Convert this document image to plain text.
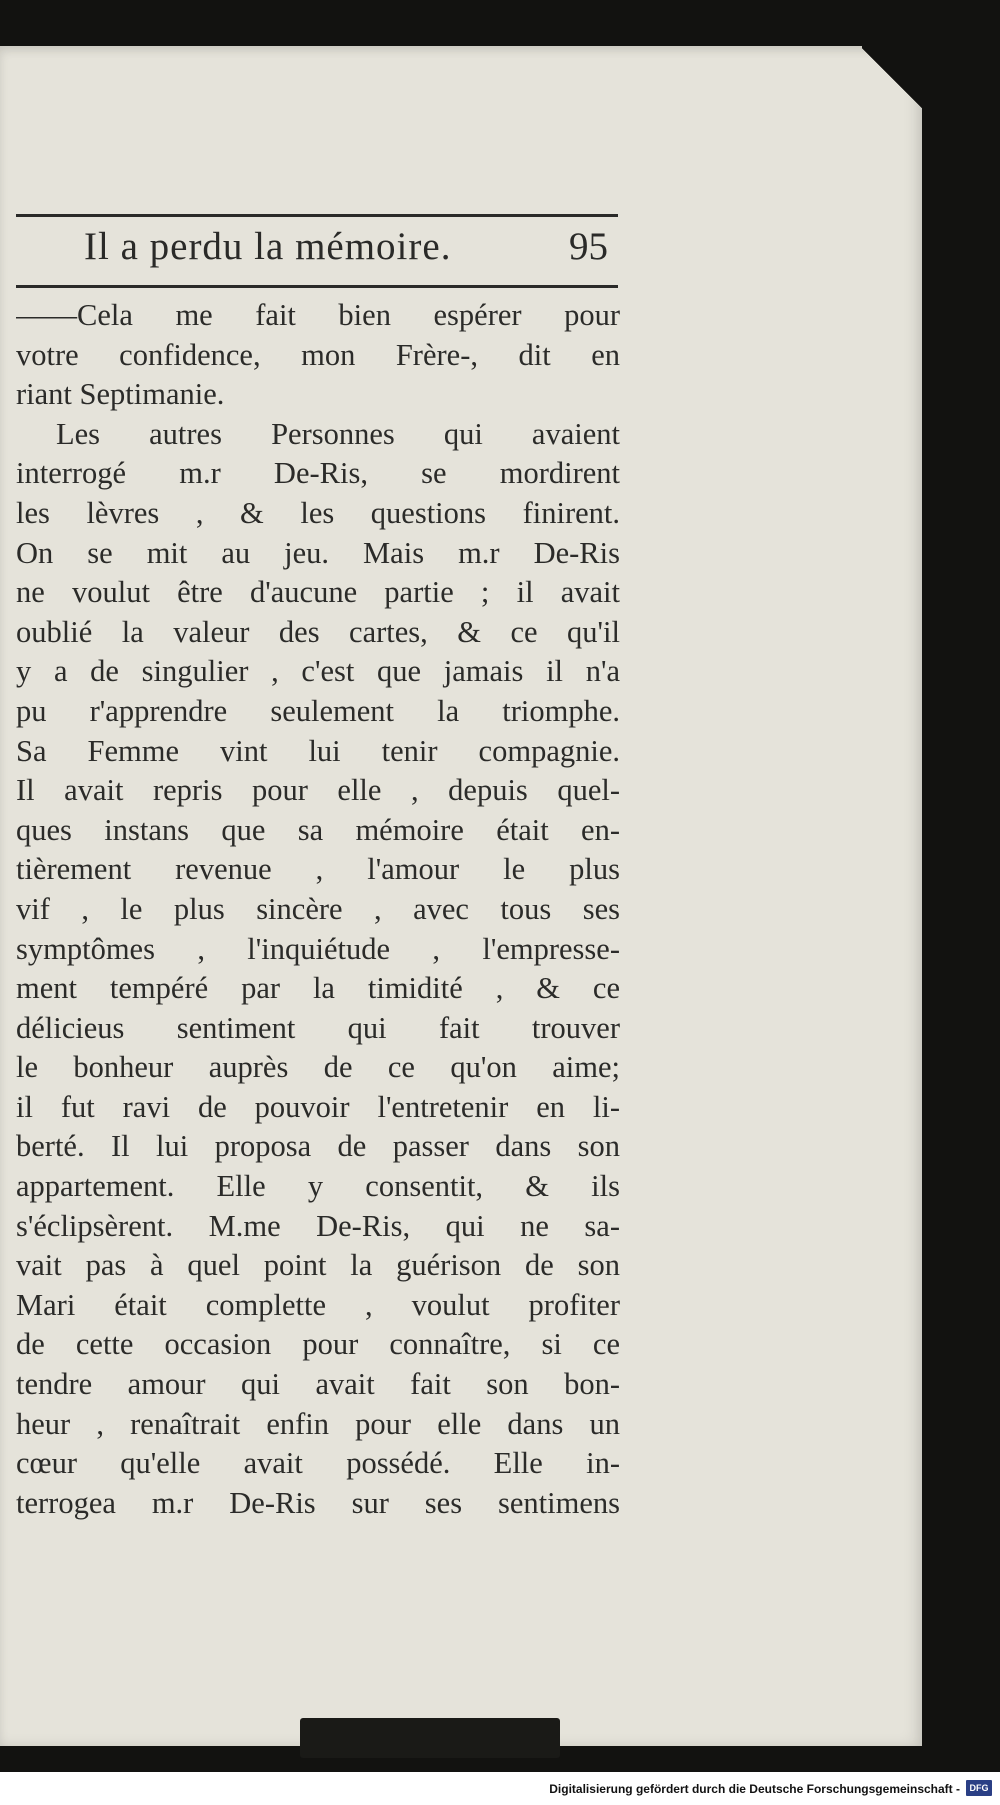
Il a perdu la mémoire.	95
——Cela me fait bien espérer pour
votre confidence, mon Frère-, dit en
riant Septimanie.
Les autres Personnes qui avaient
interrogé m.r De-Ris, se mordirent
les lèvres , & les questions finirent.
On se mit au jeu. Mais m.r De-Ris
ne voulut être d'aucune partie ; il avait
oublié la valeur des cartes, & ce qu'il
y a de singulier , c'est que jamais il n'a
pu r'apprendre seulement la triomphe.
Sa Femme vint lui tenir compagnie.
Il avait repris pour elle , depuis quel-
ques instans que sa mémoire était en-
tièrement revenue , l'amour le plus
vif , le plus sincère , avec tous ses
symptômes , l'inquiétude , l'empresse-
ment tempéré par la timidité , & ce
délicieus sentiment qui fait trouver
le bonheur auprès de ce qu'on aime;
il fut ravi de pouvoir l'entretenir en li-
berté. Il lui proposa de passer dans son
appartement. Elle y consentit, & ils
s'éclipsèrent. M.me De-Ris, qui ne sa-
vait pas à quel point la guérison de son
Mari était complette , voulut profiter
de cette occasion pour connaître, si ce
tendre amour qui avait fait son bon-
heur , renaîtrait enfin pour elle dans un
cœur qu'elle avait possédé. Elle in-
terrogea m.r De-Ris sur ses sentimens
Digitalisierung gefördert durch die Deutsche Forschungsgemeinschaft -	DFG
